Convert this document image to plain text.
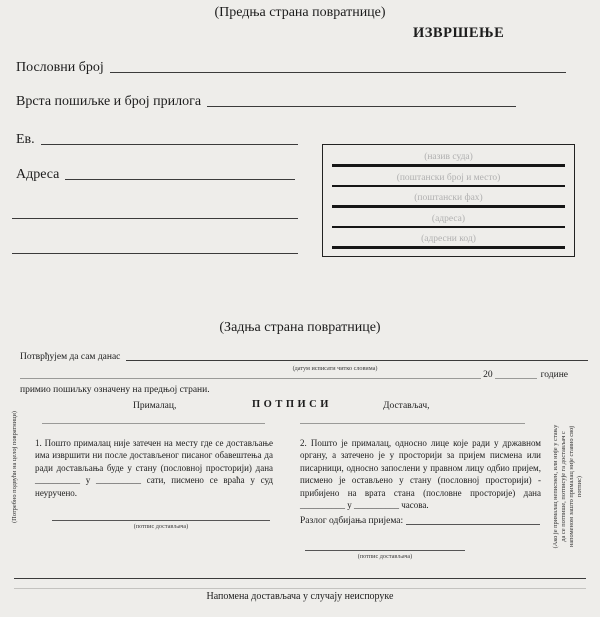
(Предња страна повратнице)
ИЗВРШЕЊЕ
Пословни број
Врста пошиљке и број прилога
Ев.
Адреса
(назив суда)
(поштански број и место)
(поштански фах)
(адреса)
(адресни код)
(Задња страна повратнице)
Потврђујем да сам данас
(датум исписати читко словима)
20	године
примио пошиљку означену на предњој страни.
Прималац,	ПОТПИСИ	Достављач,
1. Пошто прималац није затечен на месту где се достављање има извршити ни после достављеног писаног обавештења да ради достављања буде у стану (пословној просторији) дана __________ у __________ сати, писмено се враћа у суд неуручено.
2. Пошто је прималац, односно лице које ради у државном органу, а затечено је у просторији за пријем писмена или писарници, односно запослени у правном лицу одбио пријем, писмено је остављено у стану (пословној просторији) - прибијено на врата стана (пословне просторије) дана __________ у __________ часова.
(потпис достављача)
Разлог одбијања пријема:
(потпис достављача)
(Потребно подвући на целој повратници)	(Ако је прималац неписмен, или није у стању да се потпише, потписује га достављач с напоменом зашто прималац није ставио свој потпис)
Напомена достављача у случају неиспоруке
